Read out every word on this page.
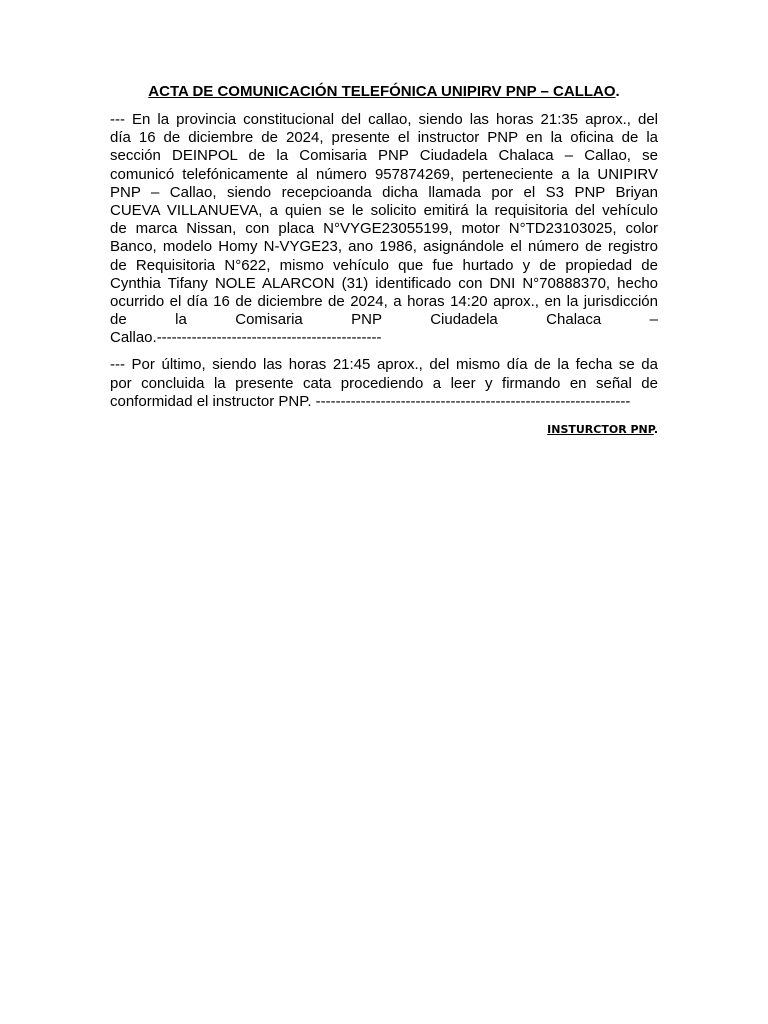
ACTA DE COMUNICACIÓN TELEFÓNICA UNIPIRV PNP – CALLAO.
--- En la provincia constitucional del callao, siendo las horas 21:35 aprox., del
día 16 de diciembre de 2024, presente el instructor PNP en la oficina de la
sección DEINPOL de la Comisaria PNP Ciudadela Chalaca – Callao, se
comunicó telefónicamente al número 957874269, perteneciente a la UNIPIRV
PNP – Callao, siendo recepcioanda dicha llamada por el S3 PNP Briyan
CUEVA VILLANUEVA, a quien se le solicito emitirá la requisitoria del vehículo
de marca Nissan, con placa N°VYGE23055199, motor N°TD23103025, color
Banco, modelo Homy N-VYGE23, ano 1986, asignándole el número de registro
de Requisitoria N°622, mismo vehículo que fue hurtado y de propiedad de
Cynthia Tifany NOLE ALARCON (31) identificado con DNI N°70888370, hecho
ocurrido el día 16 de diciembre de 2024, a horas 14:20 aprox., en la jurisdicción
de la Comisaria PNP Ciudadela Chalaca –
Callao.---------------------------------------------
--- Por último, siendo las horas 21:45 aprox., del mismo día de la fecha se da
por concluida la presente cata procediendo a leer y firmando en señal de
conformidad el instructor PNP. ---------------------------------------------------------------
INSTURCTOR PNP.
